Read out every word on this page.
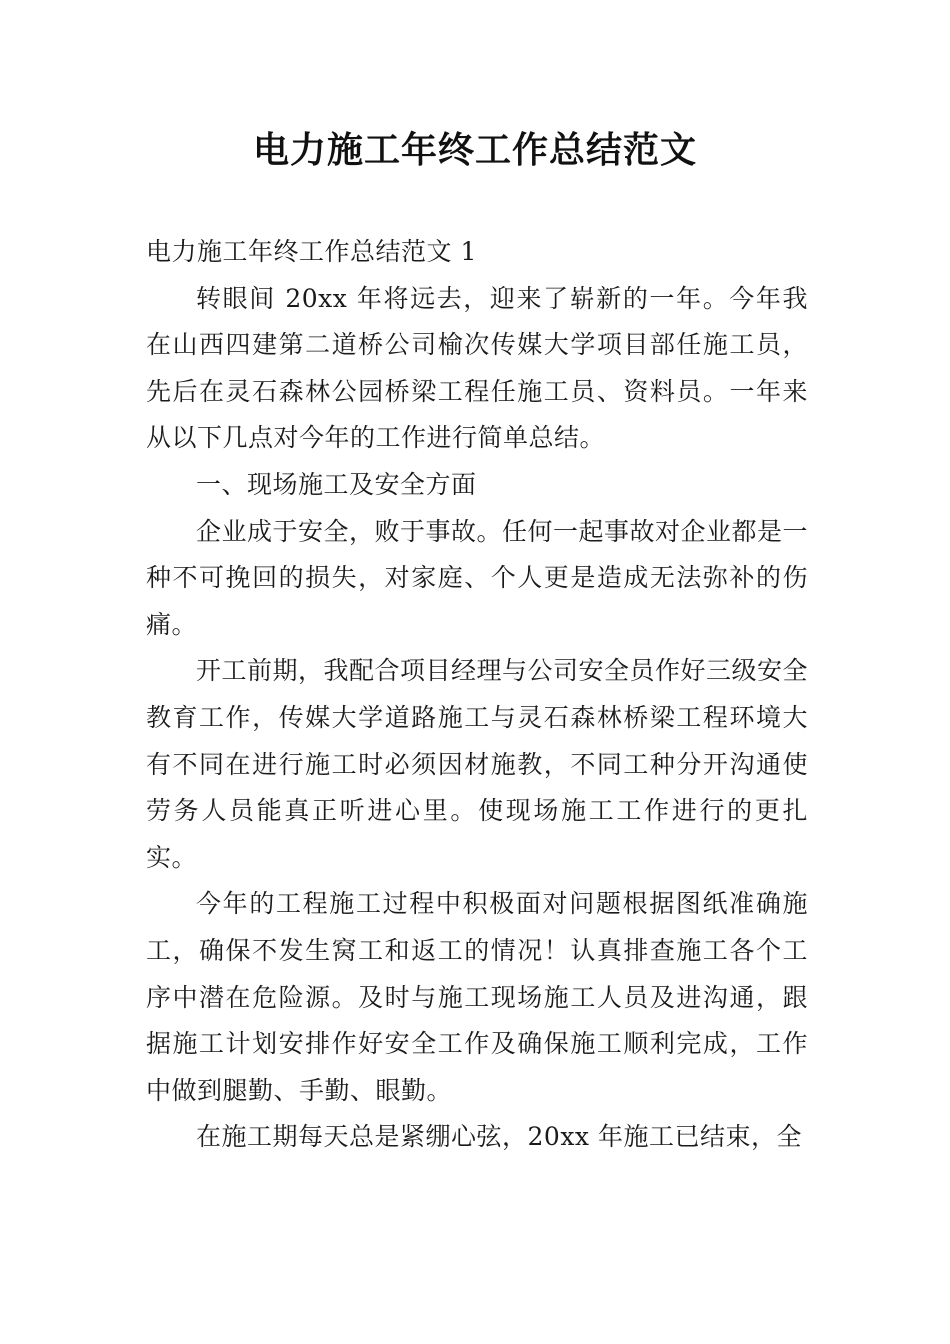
电力施工年终工作总结范文

电力施工年终工作总结范文 1

转眼间 20xx 年将远去，迎来了崭新的一年。今年我在山西四建第二道桥公司榆次传媒大学项目部任施工员，先后在灵石森林公园桥梁工程任施工员、资料员。一年来从以下几点对今年的工作进行简单总结。

一、现场施工及安全方面

企业成于安全，败于事故。任何一起事故对企业都是一种不可挽回的损失，对家庭、个人更是造成无法弥补的伤痛。

开工前期，我配合项目经理与公司安全员作好三级安全教育工作，传媒大学道路施工与灵石森林桥梁工程环境大有不同在进行施工时必须因材施教，不同工种分开沟通使劳务人员能真正听进心里。使现场施工工作进行的更扎实。

今年的工程施工过程中积极面对问题根据图纸准确施工，确保不发生窝工和返工的情况！认真排查施工各个工序中潜在危险源。及时与施工现场施工人员及进沟通，跟据施工计划安排作好安全工作及确保施工顺利完成，工作中做到腿勤、手勤、眼勤。

在施工期每天总是紧绷心弦，20xx 年施工已结束，全
